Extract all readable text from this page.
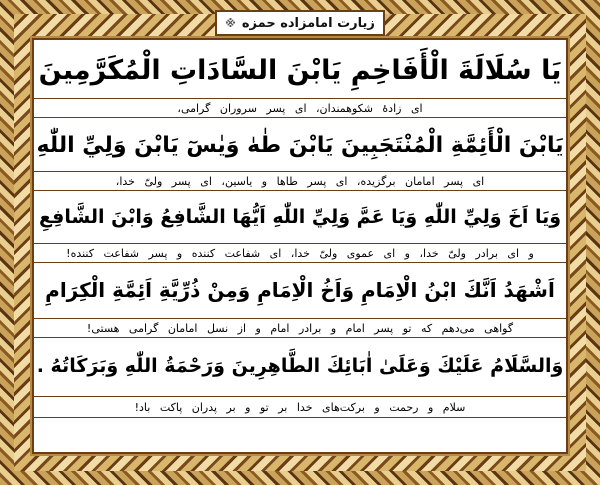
زیارت امامزاده حمزه
※
يَا سُلَالَةَ الْأَفَاخِمِ يَابْنَ السَّادَاتِ الْمُكَرَّمِينَ
ای زادهٔ شکوهمندان، ای پسر سروران گرامی،
يَابْنَ الْأَئِمَّةِ الْمُنْتَجَبِينَ يَابْنَ طٰهٰ وَيٰسٓ يَابْنَ وَلِيِّ اللّٰهِ
ای پسر امامان برگزیده، ای پسر طاها و یاسین، ای پسر ولیّ خدا،
وَيَا اَخَ وَلِيِّ اللّٰهِ وَيَا عَمَّ وَلِيِّ اللّٰهِ اَيُّهَا الشَّافِعُ وَابْنَ الشَّافِعِ
و ای برادر ولیّ خدا، و ای عموی ولیّ خدا، ای شفاعت کننده و پسر شفاعت کننده!
اَشْهَدُ اَنَّكَ ابْنُ الْاِمَامِ وَاَخُ الْاِمَامِ وَمِنْ ذُرِّيَّةِ اَئِمَّةِ الْكِرَامِ
گواهی می‌دهم که تو پسر امام و برادر امام و از نسل امامان گرامی هستی!
وَالسَّلَامُ عَلَيْكَ وَعَلَىٰ اٰبَائِكَ الطَّاهِرِينَ وَرَحْمَةُ اللّٰهِ وَبَرَكَاتُهُ .
سلام و رحمت و برکت‌های خدا بر تو و بر پدران پاکت باد!
